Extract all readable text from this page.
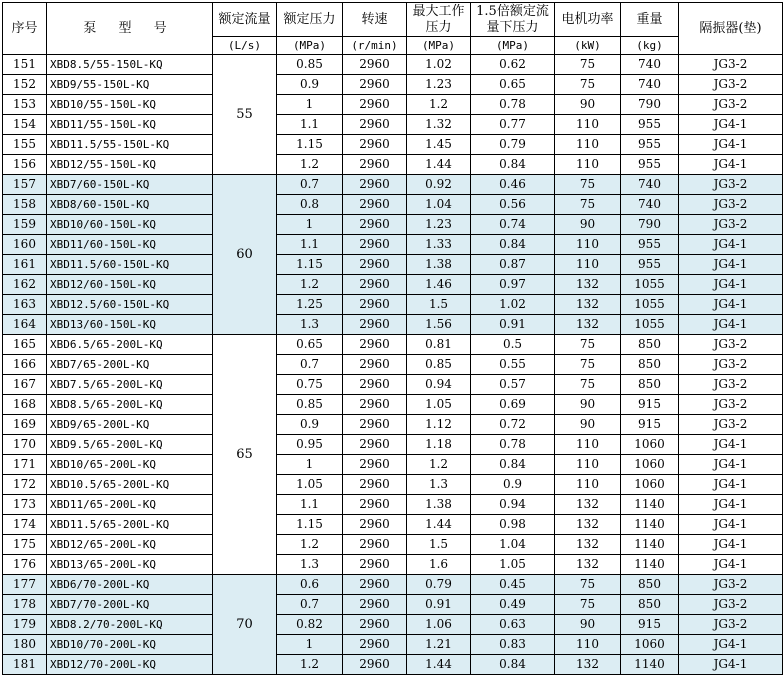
序号	泵 型 号	额定流量	额定压力	转速	最大工作压力	1.5倍额定流量下压力	电机功率	重量	隔振器(垫)
		(L/s)	(MPa)	(r/min)	(MPa)	(MPa)	(kW)	(kg)	
151	XBD8.5/55-150L-KQ	55	0.85	2960	1.02	0.62	75	740	JG3-2
152	XBD9/55-150L-KQ		0.9	2960	1.23	0.65	75	740	JG3-2
153	XBD10/55-150L-KQ		1	2960	1.2	0.78	90	790	JG3-2
154	XBD11/55-150L-KQ		1.1	2960	1.32	0.77	110	955	JG4-1
155	XBD11.5/55-150L-KQ		1.15	2960	1.45	0.79	110	955	JG4-1
156	XBD12/55-150L-KQ		1.2	2960	1.44	0.84	110	955	JG4-1
157	XBD7/60-150L-KQ	60	0.7	2960	0.92	0.46	75	740	JG3-2
158	XBD8/60-150L-KQ		0.8	2960	1.04	0.56	75	740	JG3-2
159	XBD10/60-150L-KQ		1	2960	1.23	0.74	90	790	JG3-2
160	XBD11/60-150L-KQ		1.1	2960	1.33	0.84	110	955	JG4-1
161	XBD11.5/60-150L-KQ		1.15	2960	1.38	0.87	110	955	JG4-1
162	XBD12/60-150L-KQ		1.2	2960	1.46	0.97	132	1055	JG4-1
163	XBD12.5/60-150L-KQ		1.25	2960	1.5	1.02	132	1055	JG4-1
164	XBD13/60-150L-KQ		1.3	2960	1.56	0.91	132	1055	JG4-1
165	XBD6.5/65-200L-KQ	65	0.65	2960	0.81	0.5	75	850	JG3-2
166	XBD7/65-200L-KQ		0.7	2960	0.85	0.55	75	850	JG3-2
167	XBD7.5/65-200L-KQ		0.75	2960	0.94	0.57	75	850	JG3-2
168	XBD8.5/65-200L-KQ		0.85	2960	1.05	0.69	90	915	JG3-2
169	XBD9/65-200L-KQ		0.9	2960	1.12	0.72	90	915	JG3-2
170	XBD9.5/65-200L-KQ		0.95	2960	1.18	0.78	110	1060	JG4-1
171	XBD10/65-200L-KQ		1	2960	1.2	0.84	110	1060	JG4-1
172	XBD10.5/65-200L-KQ		1.05	2960	1.3	0.9	110	1060	JG4-1
173	XBD11/65-200L-KQ		1.1	2960	1.38	0.94	132	1140	JG4-1
174	XBD11.5/65-200L-KQ		1.15	2960	1.44	0.98	132	1140	JG4-1
175	XBD12/65-200L-KQ		1.2	2960	1.5	1.04	132	1140	JG4-1
176	XBD13/65-200L-KQ		1.3	2960	1.6	1.05	132	1140	JG4-1
177	XBD6/70-200L-KQ	70	0.6	2960	0.79	0.45	75	850	JG3-2
178	XBD7/70-200L-KQ		0.7	2960	0.91	0.49	75	850	JG3-2
179	XBD8.2/70-200L-KQ		0.82	2960	1.06	0.63	90	915	JG3-2
180	XBD10/70-200L-KQ		1	2960	1.21	0.83	110	1060	JG4-1
181	XBD12/70-200L-KQ		1.2	2960	1.44	0.84	132	1140	JG4-1
